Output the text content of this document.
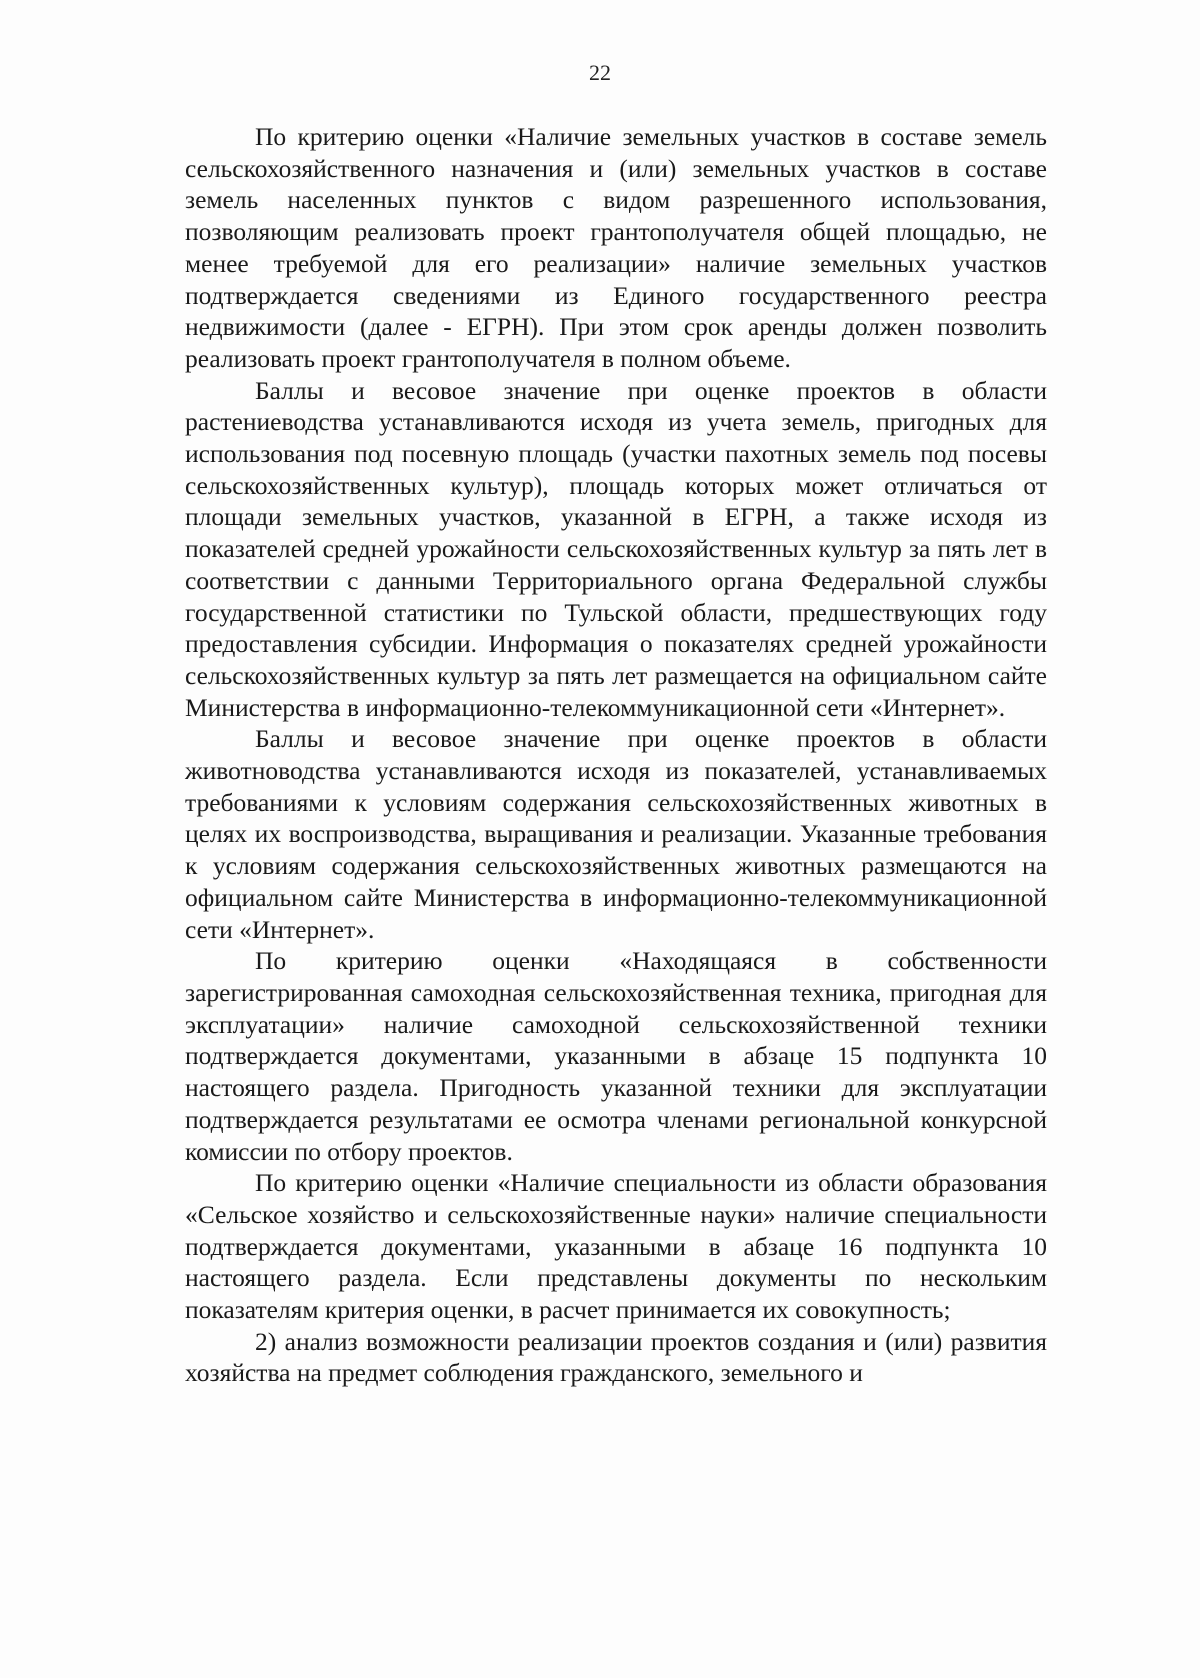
22

По критерию оценки «Наличие земельных участков в составе земель сельскохозяйственного назначения и (или) земельных участков в составе земель населенных пунктов с видом разрешенного использования, позволяющим реализовать проект грантополучателя общей площадью, не менее требуемой для его реализации» наличие земельных участков подтверждается сведениями из Единого государственного реестра недвижимости (далее - ЕГРН). При этом срок аренды должен позволить реализовать проект грантополучателя в полном объеме.

Баллы и весовое значение при оценке проектов в области растениеводства устанавливаются исходя из учета земель, пригодных для использования под посевную площадь (участки пахотных земель под посевы сельскохозяйственных культур), площадь которых может отличаться от площади земельных участков, указанной в ЕГРН, а также исходя из показателей средней урожайности сельскохозяйственных культур за пять лет в соответствии с данными Территориального органа Федеральной службы государственной статистики по Тульской области, предшествующих году предоставления субсидии. Информация о показателях средней урожайности сельскохозяйственных культур за пять лет размещается на официальном сайте Министерства в информационно-телекоммуникационной сети «Интернет».

Баллы и весовое значение при оценке проектов в области животноводства устанавливаются исходя из показателей, устанавливаемых требованиями к условиям содержания сельскохозяйственных животных в целях их воспроизводства, выращивания и реализации. Указанные требования к условиям содержания сельскохозяйственных животных размещаются на официальном сайте Министерства в информационно-телекоммуникационной сети «Интернет».

По критерию оценки «Находящаяся в собственности зарегистрированная самоходная сельскохозяйственная техника, пригодная для эксплуатации» наличие самоходной сельскохозяйственной техники подтверждается документами, указанными в абзаце 15 подпункта 10 настоящего раздела. Пригодность указанной техники для эксплуатации подтверждается результатами ее осмотра членами региональной конкурсной комиссии по отбору проектов.

По критерию оценки «Наличие специальности из области образования «Сельское хозяйство и сельскохозяйственные науки» наличие специальности подтверждается документами, указанными в абзаце 16 подпункта 10 настоящего раздела. Если представлены документы по нескольким показателям критерия оценки, в расчет принимается их совокупность;

2) анализ возможности реализации проектов создания и (или) развития хозяйства на предмет соблюдения гражданского, земельного и
